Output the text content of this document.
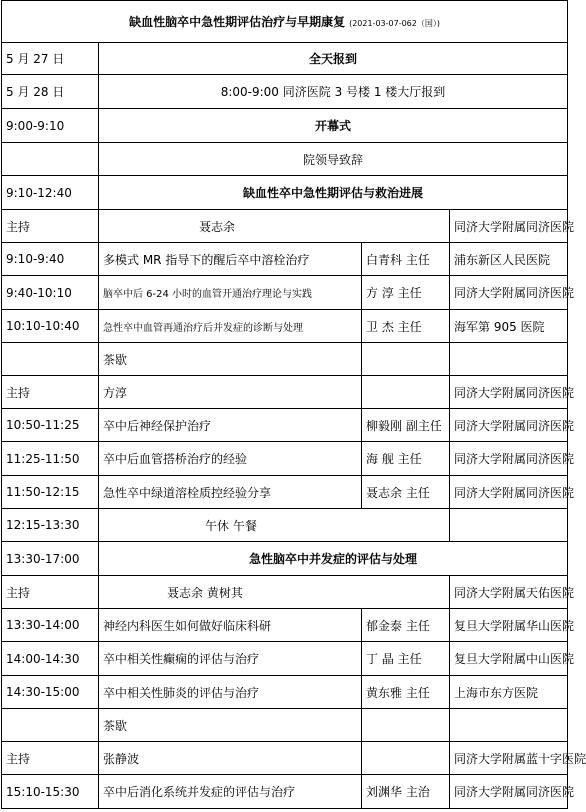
缺血性脑卒中急性期评估治疗与早期康复 (2021-03-07-062（国）)			
5 月 27 日	全天报到		
5 月 28 日	8:00-9:00 同济医院 3 号楼 1 楼大厅报到		
9:00-9:10	开幕式		
	院领导致辞		
9:10-12:40	缺血性卒中急性期评估与救治进展		
主持	聂志余		同济大学附属同济医院
9:10-9:40	多模式 MR 指导下的醒后卒中溶栓治疗	白青科 主任	浦东新区人民医院
9:40-10:10	脑卒中后 6-24 小时的血管开通治疗理论与实践	方 淳 主任	同济大学附属同济医院
10:10-10:40	急性卒中血管再通治疗后并发症的诊断与处理	卫 杰 主任	海军第 905 医院
	茶歇		
主持	方淳		同济大学附属同济医院
10:50-11:25	卒中后神经保护治疗	柳毅刚 副主任	同济大学附属同济医院
11:25-11:50	卒中后血管搭桥治疗的经验	海 舰 主任	同济大学附属同济医院
11:50-12:15	急性卒中绿道溶栓质控经验分享	聂志余 主任	同济大学附属同济医院
12:15-13:30	午休 午餐		
13:30-17:00	急性脑卒中并发症的评估与处理		
主持	聂志余 黄树其		同济大学附属天佑医院
13:30-14:00	神经内科医生如何做好临床科研	郁金泰 主任	复旦大学附属华山医院
14:00-14:30	卒中相关性癫痫的评估与治疗	丁 晶 主任	复旦大学附属中山医院
14:30-15:00	卒中相关性肺炎的评估与治疗	黄东雅 主任	上海市东方医院
	茶歇		
主持	张静波		同济大学附属蓝十字医院
15:10-15:30	卒中后消化系统并发症的评估与治疗	刘渊华 主治	同济大学附属同济医院
